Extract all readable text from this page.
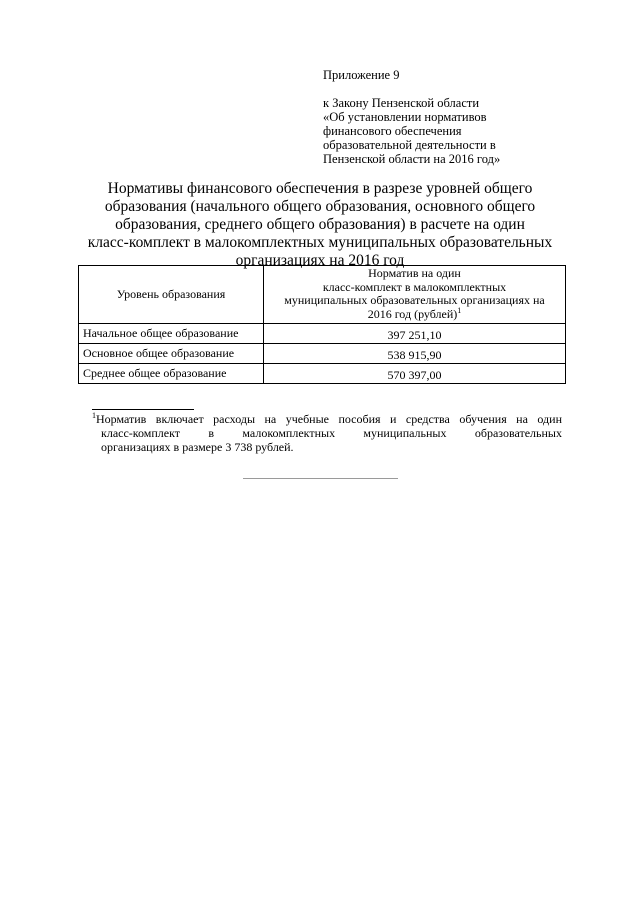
Приложение 9
к Закону Пензенской области
«Об установлении нормативов
финансового обеспечения
образовательной деятельности в
Пензенской области на 2016 год»
Нормативы финансового обеспечения в разрезе уровней общего
образования (начального общего образования, основного общего
образования, среднего общего образования) в расчете на один
класс-комплект в малокомплектных муниципальных образовательных
организациях на 2016 год
Уровень образования	Норматив на один
класс-комплект в малокомплектных
муниципальных образовательных организациях на
2016 год (рублей)$^1$

Начальное общее образование	397 251,10
Основное общее образование	538 915,90
Среднее общее образование	570 397,00
$^1$Норматив включает расходы на учебные пособия и средства обучения на один
класс-комплект в малокомплектных муниципальных образовательных
организациях в размере 3 738 рублей.
